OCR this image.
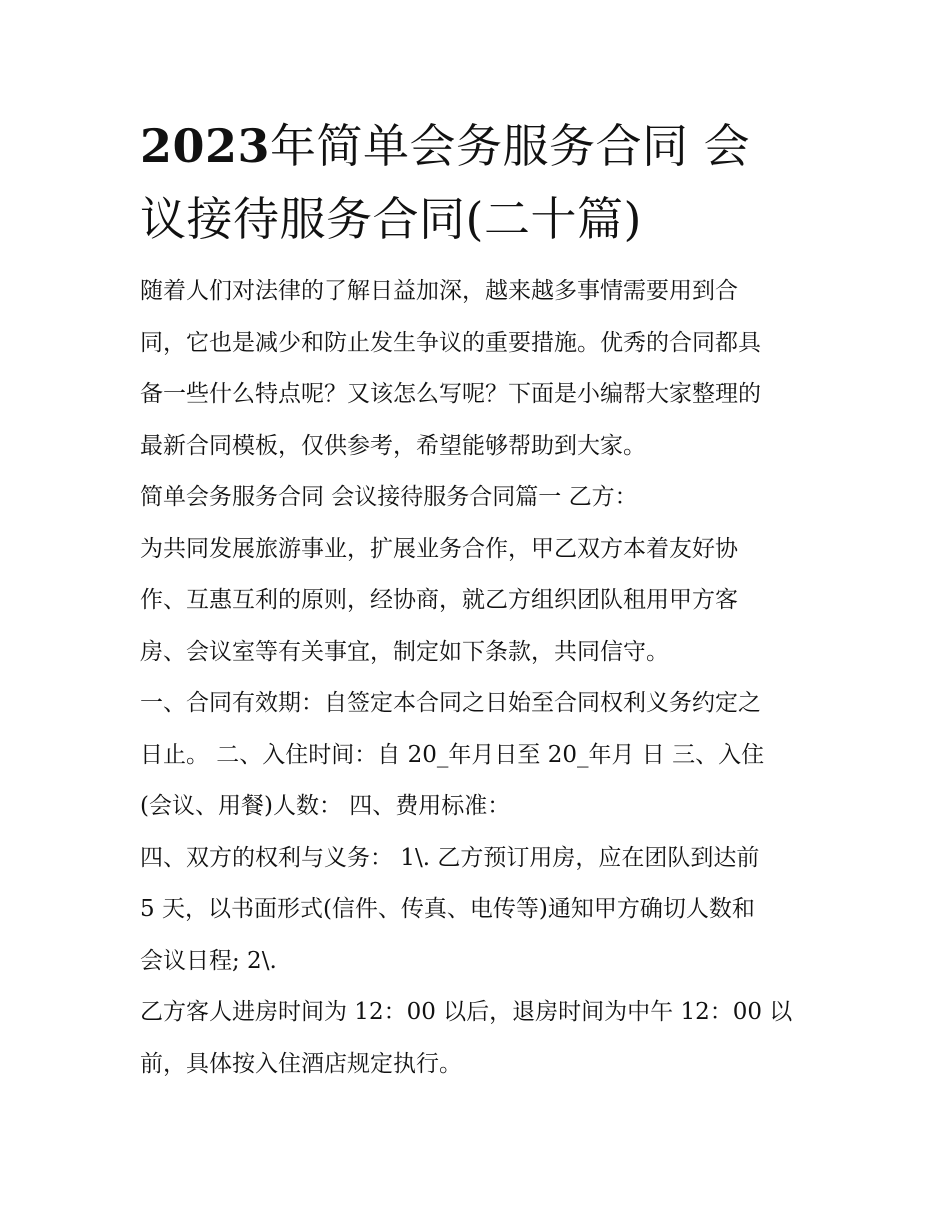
2023年简单会务服务合同 会
议接待服务合同(二十篇)

随着人们对法律的了解日益加深，越来越多事情需要用到合
同，它也是减少和防止发生争议的重要措施。优秀的合同都具
备一些什么特点呢？又该怎么写呢？下面是小编帮大家整理的
最新合同模板，仅供参考，希望能够帮助到大家。

简单会务服务合同 会议接待服务合同篇一 乙方：

为共同发展旅游事业，扩展业务合作，甲乙双方本着友好协
作、互惠互利的原则，经协商，就乙方组织团队租用甲方客
房、会议室等有关事宜，制定如下条款，共同信守。

一、合同有效期：自签定本合同之日始至合同权利义务约定之
日止。 二、入住时间：自 20_年月日至 20_年月 日 三、入住
(会议、用餐)人数： 四、费用标准：

四、双方的权利与义务： 1\. 乙方预订用房，应在团队到达前
5 天，以书面形式(信件、传真、电传等)通知甲方确切人数和
会议日程; 2\.

乙方客人进房时间为 12：00 以后，退房时间为中午 12：00 以
前，具体按入住酒店规定执行。
